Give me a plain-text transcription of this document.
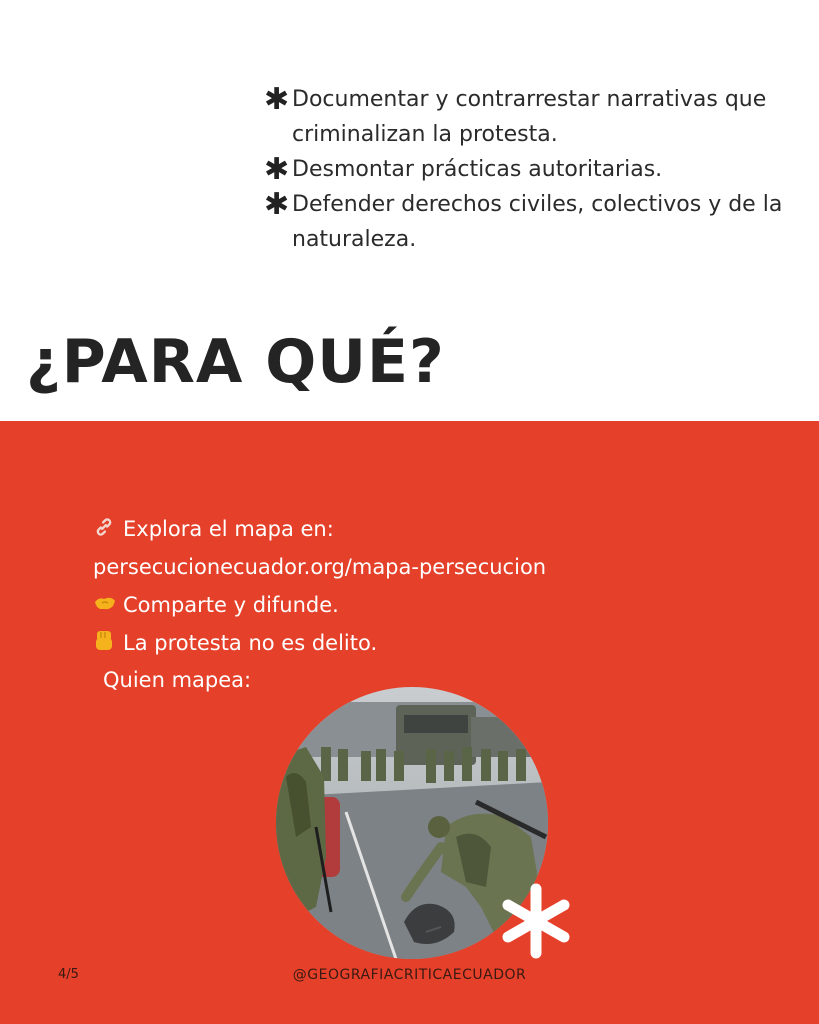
✱ Documentar y contrarrestar narrativas que criminalizan la protesta.
✱ Desmontar prácticas autoritarias.
✱ Defender derechos civiles, colectivos y de la naturaleza.
¿PARA QUÉ?
Explora el mapa en:
persecucionecuador.org/mapa-persecucion
Comparte y difunde.
La protesta no es delito.
Quien mapea:
4/5	@GEOGRAFIACRITICAECUADOR
